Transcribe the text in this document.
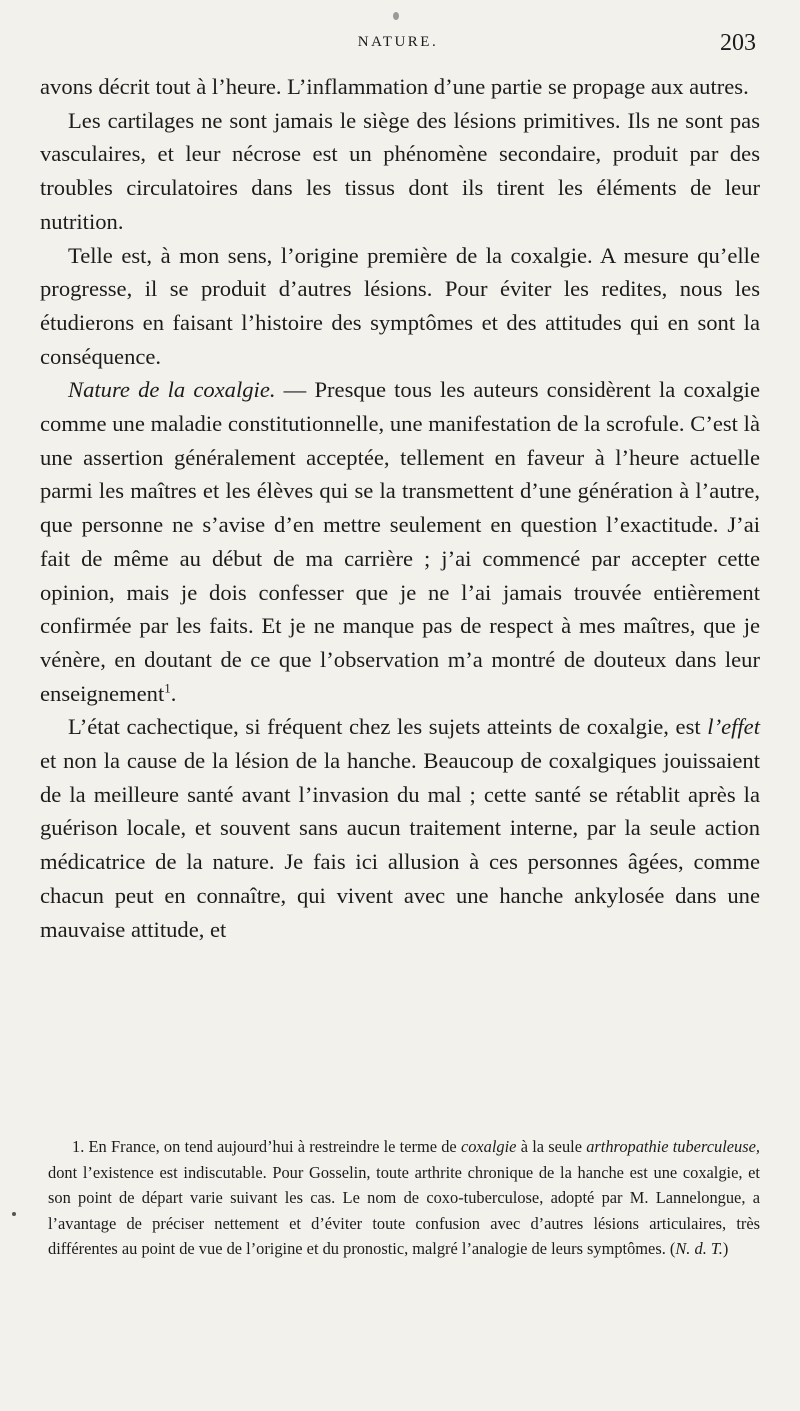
NATURE.	203

avons décrit tout à l’heure. L’inflammation d’une partie se propage aux autres.

Les cartilages ne sont jamais le siège des lésions primitives. Ils ne sont pas vasculaires, et leur nécrose est un phénomène secondaire, produit par des troubles circulatoires dans les tissus dont ils tirent les éléments de leur nutrition.

Telle est, à mon sens, l’origine première de la coxalgie. A mesure qu’elle progresse, il se produit d’autres lésions. Pour éviter les redites, nous les étudierons en faisant l’histoire des symptômes et des attitudes qui en sont la conséquence.

Nature de la coxalgie. — Presque tous les auteurs considèrent la coxalgie comme une maladie constitutionnelle, une manifestation de la scrofule. C’est là une assertion généralement acceptée, tellement en faveur à l’heure actuelle parmi les maîtres et les élèves qui se la transmettent d’une génération à l’autre, que personne ne s’avise d’en mettre seulement en question l’exactitude. J’ai fait de même au début de ma carrière ; j’ai commencé par accepter cette opinion, mais je dois confesser que je ne l’ai jamais trouvée entièrement confirmée par les faits. Et je ne manque pas de respect à mes maîtres, que je vénère, en doutant de ce que l’observation m’a montré de douteux dans leur enseignement$^1$.

L’état cachectique, si fréquent chez les sujets atteints de coxalgie, est l’effet et non la cause de la lésion de la hanche. Beaucoup de coxalgiques jouissaient de la meilleure santé avant l’invasion du mal ; cette santé se rétablit après la guérison locale, et souvent sans aucun traitement interne, par la seule action médicatrice de la nature. Je fais ici allusion à ces personnes âgées, comme chacun peut en connaître, qui vivent avec une hanche ankylosée dans une mauvaise attitude, et

1. En France, on tend aujourd’hui à restreindre le terme de coxalgie à la seule arthropathie tuberculeuse, dont l’existence est indiscutable. Pour Gosselin, toute arthrite chronique de la hanche est une coxalgie, et son point de départ varie suivant les cas. Le nom de coxo-tuberculose, adopté par M. Lannelongue, a l’avantage de préciser nettement et d’éviter toute confusion avec d’autres lésions articulaires, très différentes au point de vue de l’origine et du pronostic, malgré l’analogie de leurs symptômes. (N. d. T.)
